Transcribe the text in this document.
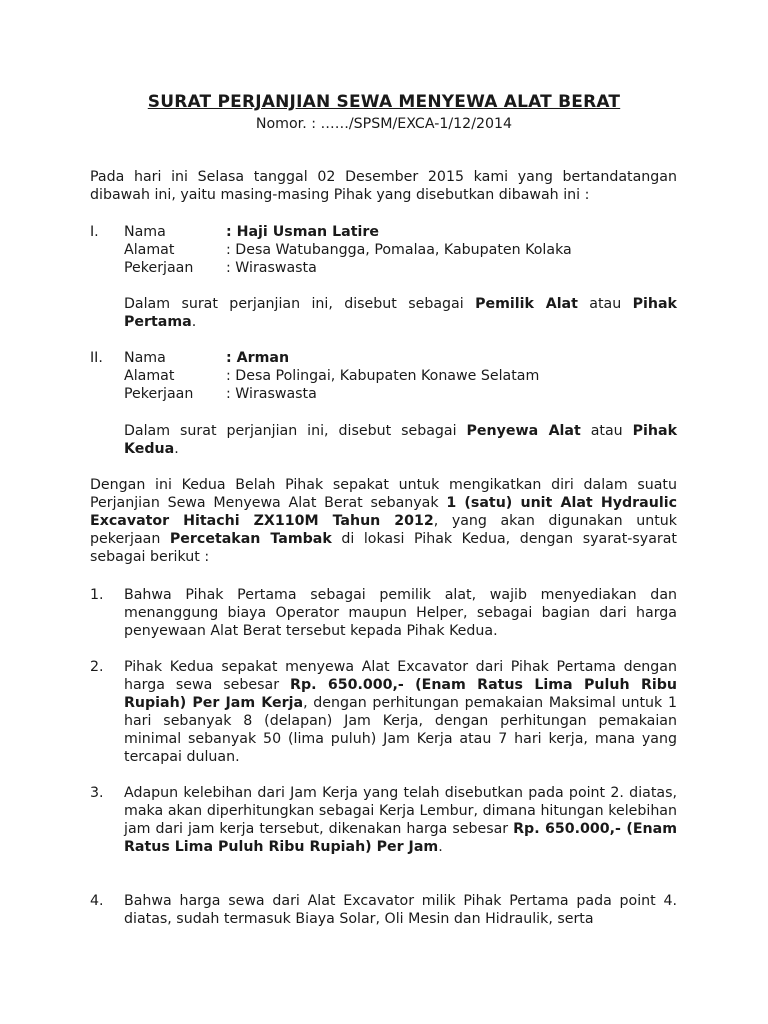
SURAT PERJANJIAN SEWA MENYEWA ALAT BERAT
Nomor. : ……/SPSM/EXCA-1/12/2014

Pada hari ini Selasa tanggal 02 Desember 2015 kami yang bertandatangan dibawah ini, yaitu masing-masing Pihak yang disebutkan dibawah ini :

I. Nama	: Haji Usman Latire
Alamat	: Desa Watubangga, Pomalaa, Kabupaten Kolaka
Pekerjaan	: Wiraswasta

Dalam surat perjanjian ini, disebut sebagai Pemilik Alat atau Pihak Pertama.

II. Nama	: Arman
Alamat	: Desa Polingai, Kabupaten Konawe Selatam
Pekerjaan	: Wiraswasta

Dalam surat perjanjian ini, disebut sebagai Penyewa Alat atau Pihak Kedua.

Dengan ini Kedua Belah Pihak sepakat untuk mengikatkan diri dalam suatu Perjanjian Sewa Menyewa Alat Berat sebanyak 1 (satu) unit Alat Hydraulic Excavator Hitachi ZX110M Tahun 2012, yang akan digunakan untuk pekerjaan Percetakan Tambak di lokasi Pihak Kedua, dengan syarat-syarat sebagai berikut :

1. Bahwa Pihak Pertama sebagai pemilik alat, wajib menyediakan dan menanggung biaya Operator maupun Helper, sebagai bagian dari harga penyewaan Alat Berat tersebut kepada Pihak Kedua.

2. Pihak Kedua sepakat menyewa Alat Excavator dari Pihak Pertama dengan harga sewa sebesar Rp. 650.000,- (Enam Ratus Lima Puluh Ribu Rupiah) Per Jam Kerja, dengan perhitungan pemakaian Maksimal untuk 1 hari sebanyak 8 (delapan) Jam Kerja, dengan perhitungan pemakaian minimal sebanyak 50 (lima puluh) Jam Kerja atau 7 hari kerja, mana yang tercapai duluan.

3. Adapun kelebihan dari Jam Kerja yang telah disebutkan pada point 2. diatas, maka akan diperhitungkan sebagai Kerja Lembur, dimana hitungan kelebihan jam dari jam kerja tersebut, dikenakan harga sebesar Rp. 650.000,- (Enam Ratus Lima Puluh Ribu Rupiah) Per Jam.

4. Bahwa harga sewa dari Alat Excavator milik Pihak Pertama pada point 4. diatas, sudah termasuk Biaya Solar, Oli Mesin dan Hidraulik, serta
